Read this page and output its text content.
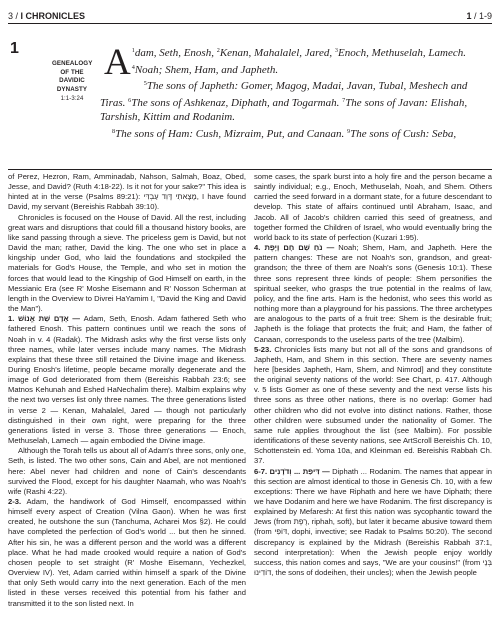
3 / I CHRONICLES	1 / 1-9
1
GENEALOGY
OF THE
DAVIDIC
DYNASTY
1:1-3:24

$^1$
A dam, Seth, Enosh, $^2$Kenan, Mahalalel, Jared, $^3$Enoch, Methuselah, Lamech. $^4$Noah; Shem, Ham, and Japheth.

$^5$The sons of Japheth: Gomer, Magog, Madai, Javan, Tubal, Meshech and Tiras. $^6$The sons of Ashkenaz, Diphath, and Togarmah. $^7$The sons of Javan: Elishah, Tarshish, Kittim and Rodanim.

$^8$The sons of Ham: Cush, Mizraim, Put, and Canaan. $^9$The sons of Cush: Seba,

of Perez, Hezron, Ram, Amminadab, Nahson, Salmah, Boaz, Obed, Jesse, and David? (Ruth 4:18-22). Is it not for your sake?" This idea is hinted at in the verse (Psalms 89:21): מָצָאתִי דָּוִד עַבְדִּי, I have found David, my servant (Bereishis Rabbah 39:10).

Chronicles is focused on the House of David. All the rest, including great wars and disruptions that could fill a thousand history books, are like sand passing through a sieve. The priceless gem is David, but not David the man; rather, David the king. The one who set in place a kingship under God, who laid the foundations and stockpiled the materials for God's House, the Temple, and who set in motion the forces that would lead to the Kingship of God Himself on earth, in the Messianic Era (see R' Moshe Eisemann and R' Nosson Scherman at length in the Overview to Divrei HaYamim I, "David the King and David the Man").

1. אָדָם שֵׁת אֱנוֹשׁ — Adam, Seth, Enosh. Adam fathered Seth who fathered Enosh. This pattern continues until we reach the sons of Noah in v. 4 (Radak). The Midrash asks why the first verse lists only three names, while later verses include many names. The Midrash explains that these three still retained the Divine image and likeness. During Enosh's lifetime, people became morally degenerate and the image of God deteriorated from them (Bereishis Rabbah 23:6; see Matnos Kehunah and Eshed HaNechalim there). Malbim explains why the next two verses list only three names. The three generations listed in verse 2 — Kenan, Mahalalel, Jared — though not particularly distinguished in their own right, were preparing for the three generations listed in verse 3. Those three generations — Enoch, Methuselah, Lamech — again embodied the Divine image.

Although the Torah tells us about all of Adam's three sons, only one, Seth, is listed. The two other sons, Cain and Abel, are not mentioned here: Abel never had children and none of Cain's descendants survived the Flood, except for his daughter Naamah, who was Noah's wife (Rashi 4:22).

2-3. Adam, the handiwork of God Himself, encompassed within himself every aspect of Creation (Vilna Gaon). When he was first created, he outshone the sun (Tanchuma, Acharei Mos §2). He could have completed the perfection of God's world ... but then he sinned. After his sin, he was a different person and the world was a different place. What he had made crooked would require a nation of God's chosen people to set straight (R' Moshe Eisemann, Yechezkel, Overview IV). Yet, Adam carried within himself a spark of the Divine that only Seth would carry into the next generation. Each of the men listed in these verses received this potential from his father and transmitted it to the son listed next. In

some cases, the spark burst into a holy fire and the person became a saintly individual; e.g., Enoch, Methuselah, Noah, and Shem. Others carried the seed forward in a dormant state, for a future descendant to develop. This state of affairs continued until Abraham, Isaac, and Jacob. All of Jacob's children carried this seed of greatness, and together formed the Children of Israel, who would eventually bring the world back to its state of perfection (Kuzari 1:95).

4. נֹחַ שֵׁם חָם וָיָפֶת — Noah; Shem, Ham, and Japheth. Here the pattern changes: These are not Noah's son, grandson, and great-grandson; the three of them are Noah's sons (Genesis 10:1). These three sons represent three kinds of people: Shem personifies the spiritual seeker, who grasps the true potential in the realms of law, policy, and the fine arts. Ham is the hedonist, who sees this world as nothing more than a playground for his passions. The three archetypes are analogous to the parts of a fruit tree: Shem is the desirable fruit; Japheth is the foliage that protects the fruit; and Ham, the father of Canaan, corresponds to the useless parts of the tree (Malbim).

5-23. Chronicles lists many but not all of the sons and grandsons of Japheth, Ham, and Shem in this section. There are seventy names here [besides Japheth, Ham, Shem, and Nimrod] and they constitute the original seventy nations of the world: See Chart, p. 417. Although v. 5 lists Gomer as one of these seventy and the next verse lists his three sons as three other nations, there is no overlap: Gomer had other children who did not evolve into distinct nations. Rather, those other children were subsumed under the nationality of Gomer. The same rule applies throughout the list (see Malbim). For possible identifications of these seventy nations, see ArtScroll Bereishis Ch. 10, Schottenstein ed. Yoma 10a, and Kleinman ed. Bereishis Rabbah Ch. 37.

6-7. דִּיפַת ... וְדֹדָנִים — Diphath ... Rodanim. The names that appear in this section are almost identical to those in Genesis Ch. 10, with a few exceptions: There we have Riphath and here we have Diphath; there we have Dodanim and here we have Rodanim. The first discrepancy is explained by Mefaresh: At first this nation was sycophantic toward the Jews (from רֶפֶת, riphah, soft), but later it became abusive toward them (from דּוֹפִי, dophi, invective; see Radak to Psalms 50:20). The second discrepancy is explained by the Midrash (Bereishis Rabbah 37:1, second interpretation): When the Jewish people enjoy worldly success, this nation comes and says, "We are your cousins!" (from בְּנֵי דוֹדִינוּ, the sons of dodeihen, their uncles); when the Jewish people
